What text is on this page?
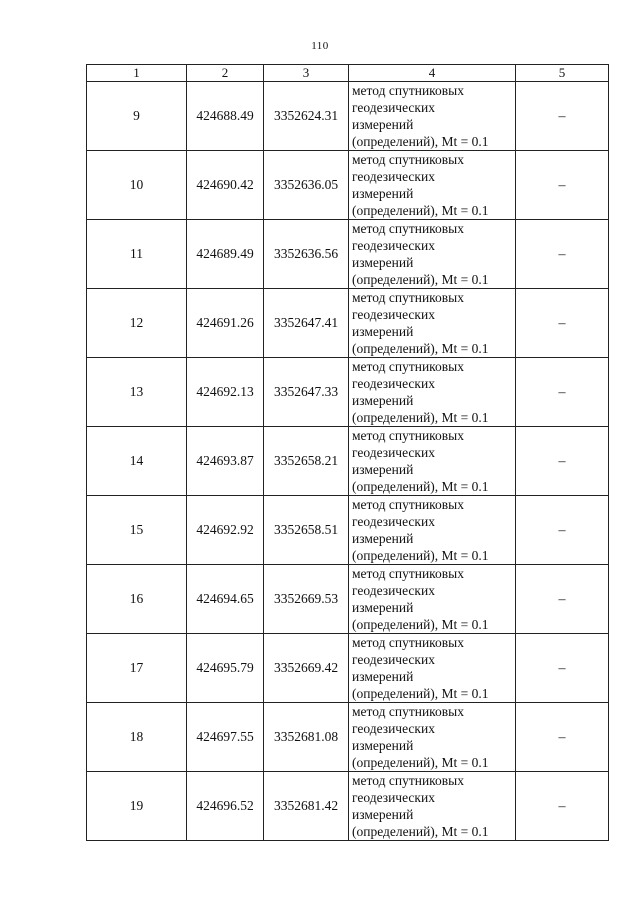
110
1	2	3	4	5
9	424688.49	3352624.31	метод спутниковых
геодезических
измерений
(определений), Mt = 0.1	–
10	424690.42	3352636.05	метод спутниковых
геодезических
измерений
(определений), Mt = 0.1	–
11	424689.49	3352636.56	метод спутниковых
геодезических
измерений
(определений), Mt = 0.1	–
12	424691.26	3352647.41	метод спутниковых
геодезических
измерений
(определений), Mt = 0.1	–
13	424692.13	3352647.33	метод спутниковых
геодезических
измерений
(определений), Mt = 0.1	–
14	424693.87	3352658.21	метод спутниковых
геодезических
измерений
(определений), Mt = 0.1	–
15	424692.92	3352658.51	метод спутниковых
геодезических
измерений
(определений), Mt = 0.1	–
16	424694.65	3352669.53	метод спутниковых
геодезических
измерений
(определений), Mt = 0.1	–
17	424695.79	3352669.42	метод спутниковых
геодезических
измерений
(определений), Mt = 0.1	–
18	424697.55	3352681.08	метод спутниковых
геодезических
измерений
(определений), Mt = 0.1	–
19	424696.52	3352681.42	метод спутниковых
геодезических
измерений
(определений), Mt = 0.1	–
